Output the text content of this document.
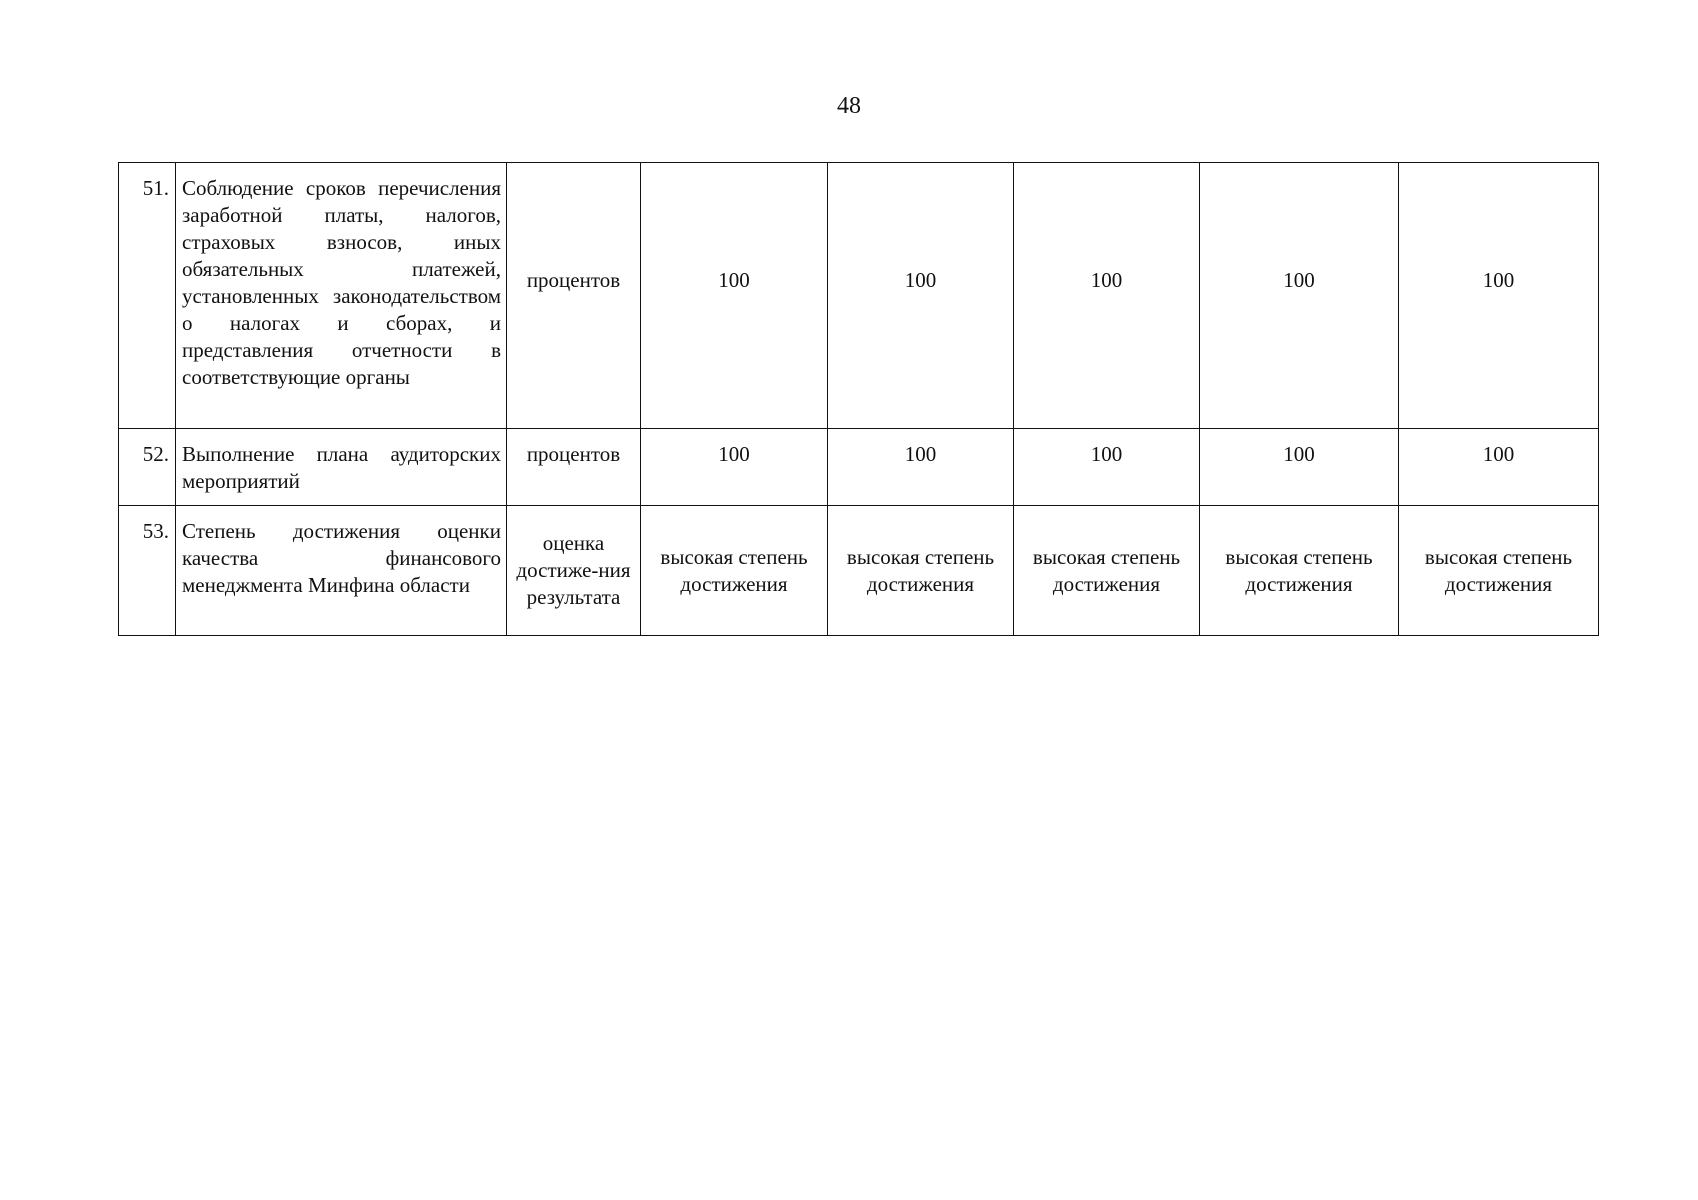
48
51.	Соблюдение сроков перечисления заработной платы, налогов, страховых взносов, иных обязательных платежей, установленных законодательством о налогах и сборах, и представления отчетности в соответствующие органы	процентов	100	100	100	100	100
52.	Выполнение плана аудиторских мероприятий	процентов	100	100	100	100	100
53.	Степень достижения оценки качества финансового менеджмента Минфина области	оценка достиже-ния результата	высокая степень достижения	высокая степень достижения	высокая степень достижения	высокая степень достижения	высокая степень достижения
